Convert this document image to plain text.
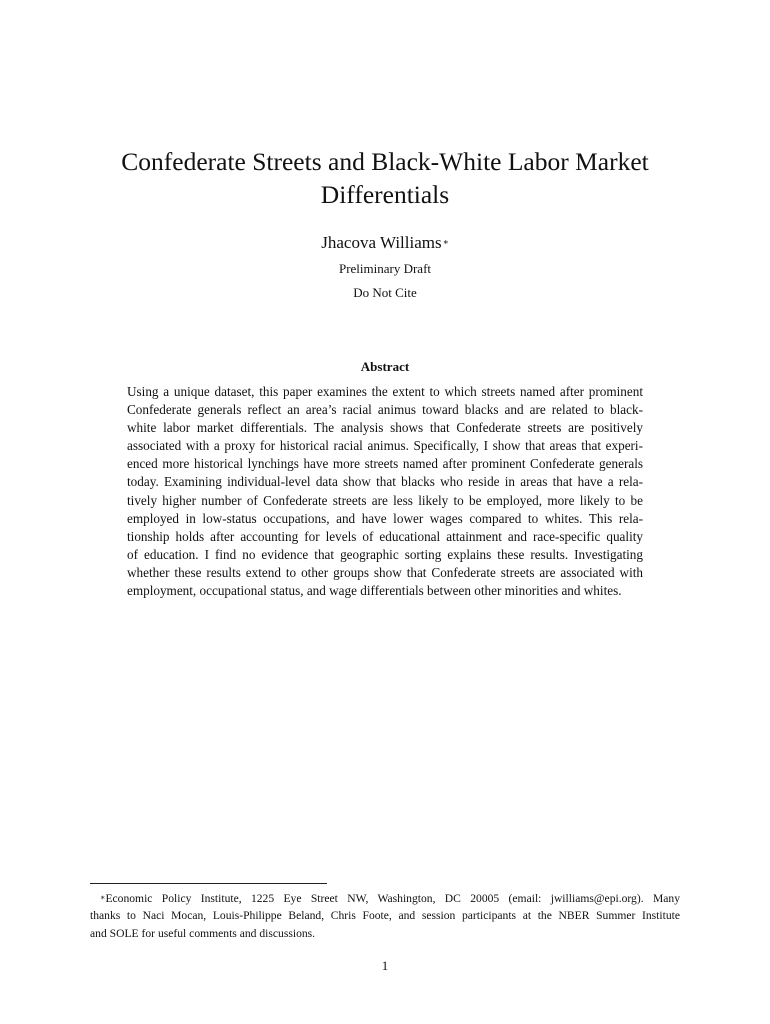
Confederate Streets and Black-White Labor Market Differentials
Jhacova Williams∗
Preliminary Draft
Do Not Cite
Abstract
Using a unique dataset, this paper examines the extent to which streets named after prominent
Confederate generals reflect an area’s racial animus toward blacks and are related to black-
white labor market differentials. The analysis shows that Confederate streets are positively
associated with a proxy for historical racial animus. Specifically, I show that areas that experi-
enced more historical lynchings have more streets named after prominent Confederate generals
today. Examining individual-level data show that blacks who reside in areas that have a rela-
tively higher number of Confederate streets are less likely to be employed, more likely to be
employed in low-status occupations, and have lower wages compared to whites. This rela-
tionship holds after accounting for levels of educational attainment and race-specific quality
of education. I find no evidence that geographic sorting explains these results. Investigating
whether these results extend to other groups show that Confederate streets are associated with
employment, occupational status, and wage differentials between other minorities and whites.
∗Economic Policy Institute, 1225 Eye Street NW, Washington, DC 20005 (email: jwilliams@epi.org). Many
thanks to Naci Mocan, Louis-Philippe Beland, Chris Foote, and session participants at the NBER Summer Institute
and SOLE for useful comments and discussions.
1
